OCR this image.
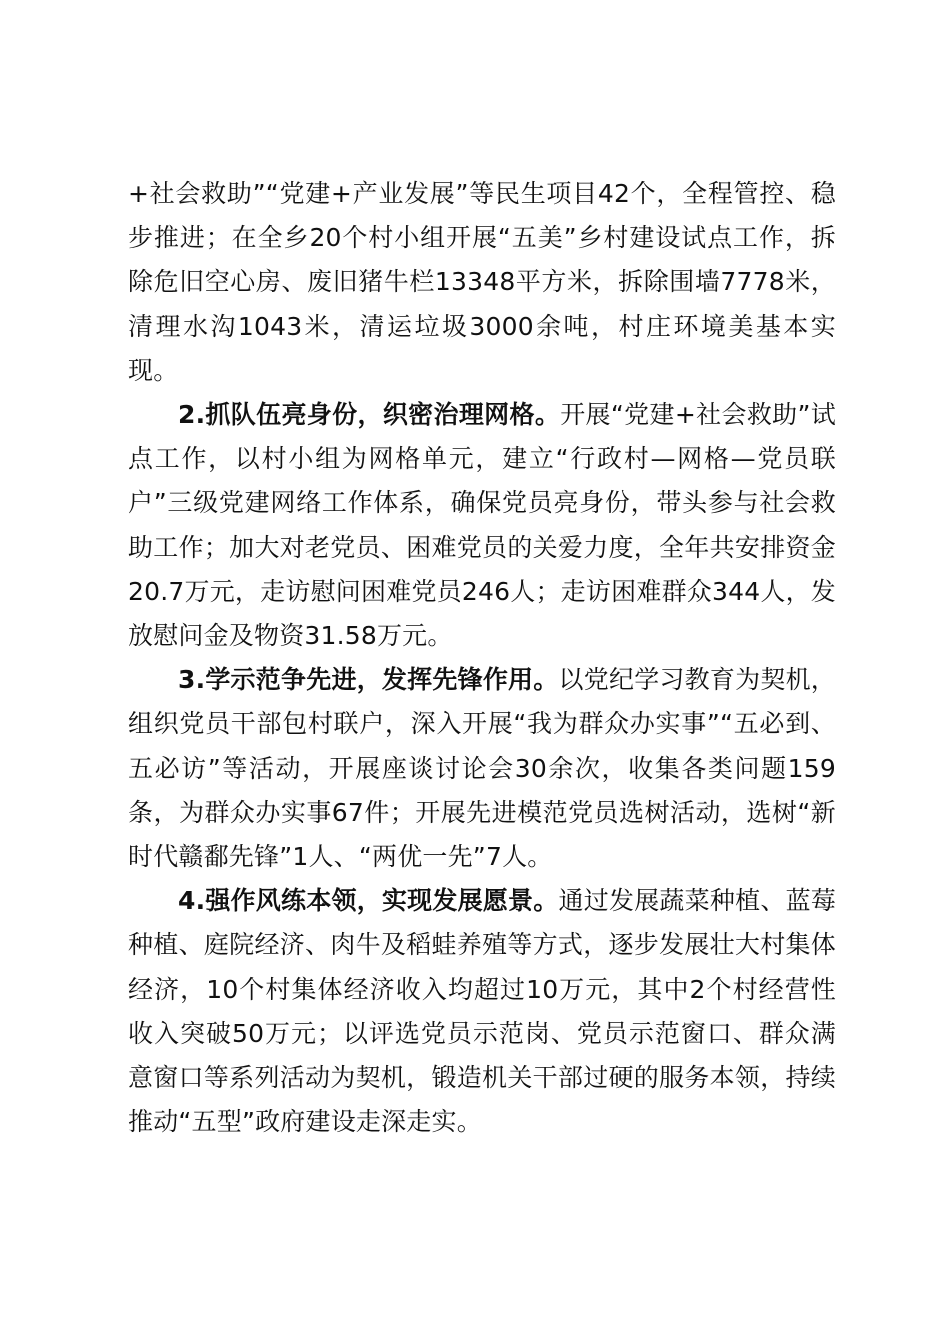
+社会救助”“党建+产业发展”等民生项目42个，全程管控、稳步推进；在全乡20个村小组开展“五美”乡村建设试点工作，拆除危旧空心房、废旧猪牛栏13348平方米，拆除围墙7778米，清理水沟1043米，清运垃圾3000余吨，村庄环境美基本实现。

2.抓队伍亮身份，织密治理网格。开展“党建+社会救助”试点工作，以村小组为网格单元，建立“行政村—网格—党员联户”三级党建网络工作体系，确保党员亮身份，带头参与社会救助工作；加大对老党员、困难党员的关爱力度，全年共安排资金20.7万元，走访慰问困难党员246人；走访困难群众344人，发放慰问金及物资31.58万元。

3.学示范争先进，发挥先锋作用。以党纪学习教育为契机，组织党员干部包村联户，深入开展“我为群众办实事”“五必到、五必访”等活动，开展座谈讨论会30余次，收集各类问题159条，为群众办实事67件；开展先进模范党员选树活动，选树“新时代赣鄱先锋”1人、“两优一先”7人。

4.强作风练本领，实现发展愿景。通过发展蔬菜种植、蓝莓种植、庭院经济、肉牛及稻蛙养殖等方式，逐步发展壮大村集体经济，10个村集体经济收入均超过10万元，其中2个村经营性收入突破50万元；以评选党员示范岗、党员示范窗口、群众满意窗口等系列活动为契机，锻造机关干部过硬的服务本领，持续推动“五型”政府建设走深走实。
